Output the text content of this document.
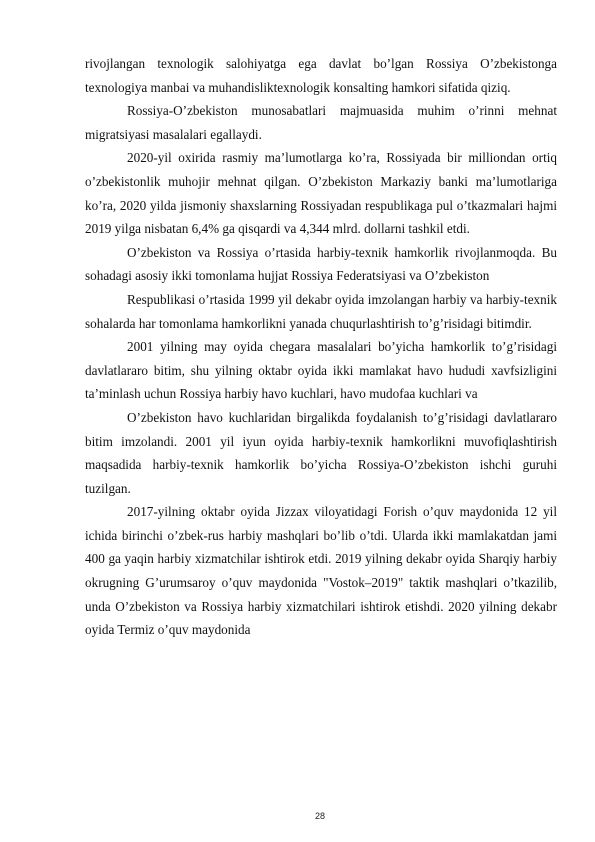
rivojlangan texnologik salohiyatga ega davlat bo’lgan Rossiya O’zbekistonga texnologiya manbai va muhandisliktexnologik konsalting hamkori sifatida qiziq.

Rossiya-O’zbekiston munosabatlari majmuasida muhim o’rinni mehnat migratsiyasi masalalari egallaydi.

2020-yil oxirida rasmiy ma’lumotlarga ko’ra, Rossiyada bir milliondan ortiq o’zbekistonlik muhojir mehnat qilgan. O’zbekiston Markaziy banki ma’lumotlariga ko’ra, 2020 yilda jismoniy shaxslarning Rossiyadan respublikaga pul o’tkazmalari hajmi 2019 yilga nisbatan 6,4% ga qisqardi va 4,344 mlrd. dollarni tashkil etdi.

O’zbekiston va Rossiya o’rtasida harbiy-texnik hamkorlik rivojlanmoqda. Bu sohadagi asosiy ikki tomonlama hujjat Rossiya Federatsiyasi va O’zbekiston

Respublikasi o’rtasida 1999 yil dekabr oyida imzolangan harbiy va harbiy-texnik sohalarda har tomonlama hamkorlikni yanada chuqurlashtirish to’g’risidagi bitimdir.

2001 yilning may oyida chegara masalalari bo’yicha hamkorlik to’g’risidagi davlatlararo bitim, shu yilning oktabr oyida ikki mamlakat havo hududi xavfsizligini ta’minlash uchun Rossiya harbiy havo kuchlari, havo mudofaa kuchlari va

O’zbekiston havo kuchlaridan birgalikda foydalanish to’g’risidagi davlatlararo bitim imzolandi. 2001 yil iyun oyida harbiy-texnik hamkorlikni muvofiqlashtirish maqsadida harbiy-texnik hamkorlik bo’yicha Rossiya-O’zbekiston ishchi guruhi tuzilgan.

2017-yilning oktabr oyida Jizzax viloyatidagi Forish o’quv maydonida 12 yil ichida birinchi o’zbek-rus harbiy mashqlari bo’lib o’tdi. Ularda ikki mamlakatdan jami 400 ga yaqin harbiy xizmatchilar ishtirok etdi. 2019 yilning dekabr oyida Sharqiy harbiy okrugning G’urumsaroy o’quv maydonida "Vostok–2019" taktik mashqlari o’tkazilib, unda O’zbekiston va Rossiya harbiy xizmatchilari ishtirok etishdi. 2020 yilning dekabr oyida Termiz o’quv maydonida

28
